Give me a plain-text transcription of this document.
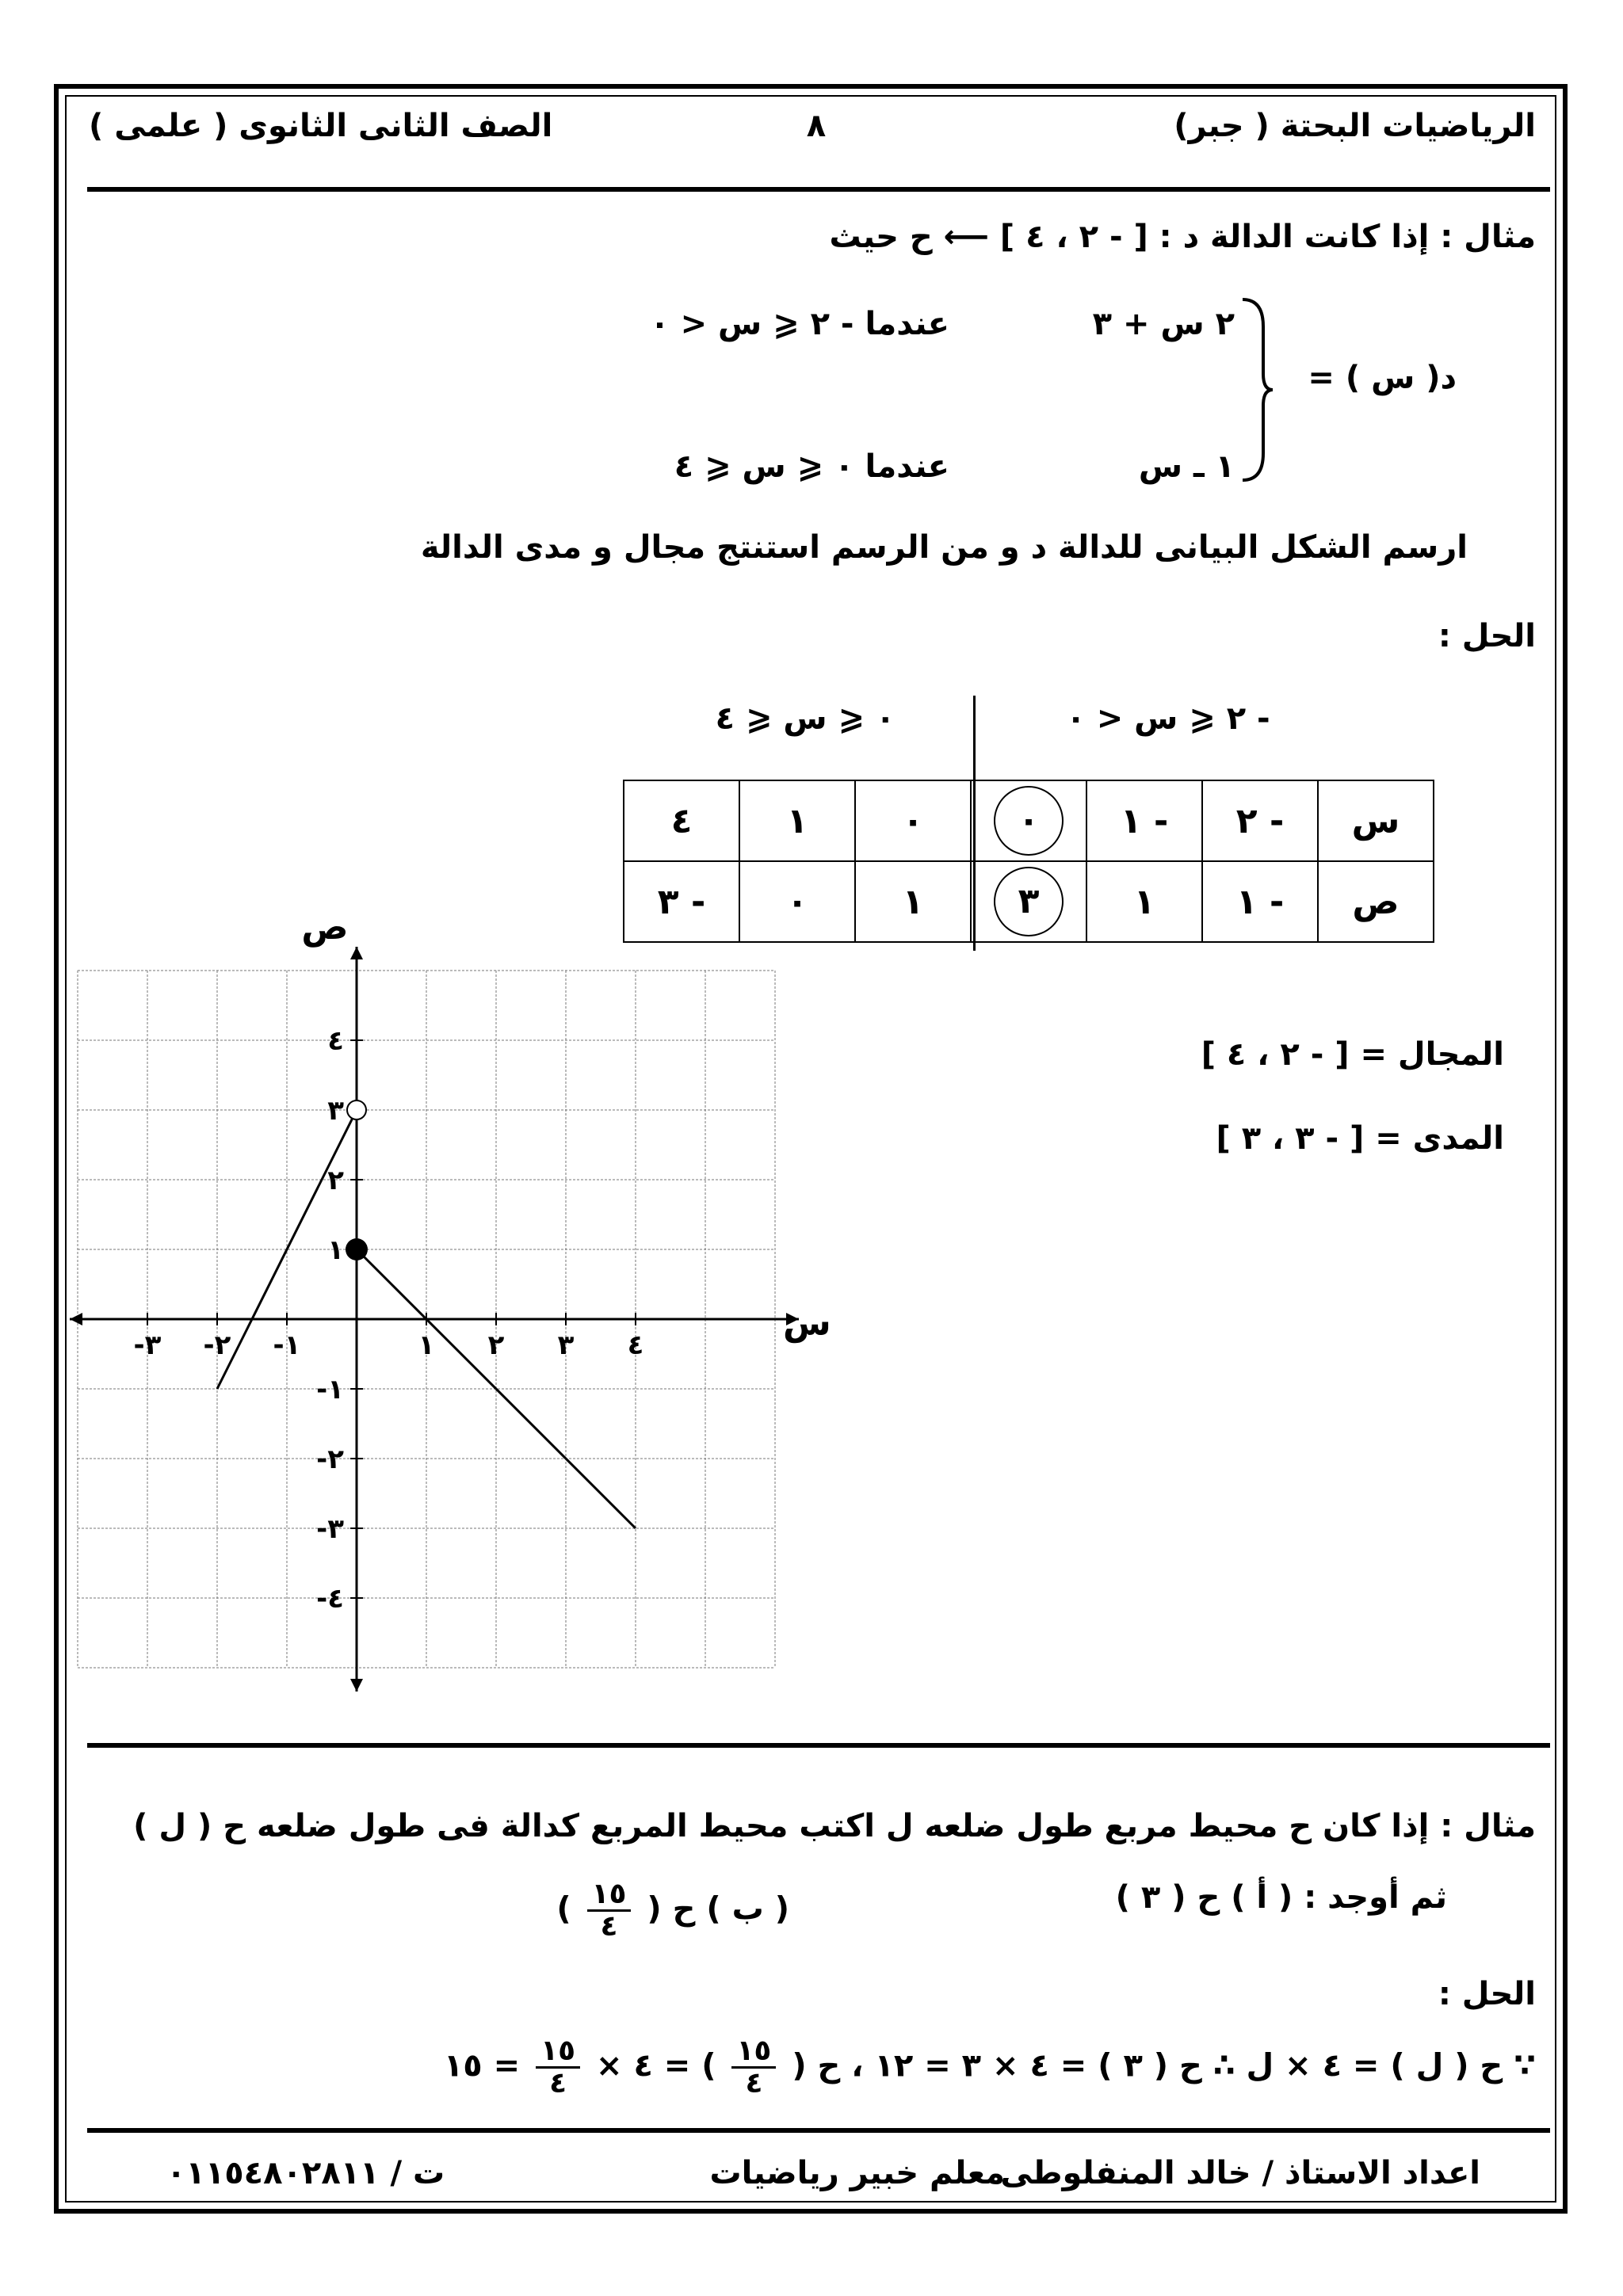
الرياضيات البحتة ( جبر)
٨
الصف الثانى الثانوى ( علمى )
مثال : إذا كانت الدالة د : [ - ٢ ، ٤ ] ⟵ ح حيث
د( س ) =
٢ س + ٣
عندما - ٢ ⩽ س < ٠
١ ـ س
عندما ٠ ⩽ س ⩽ ٤
ارسم الشكل البيانى للدالة د و من الرسم استنتج مجال و مدى الدالة
الحل :
- ٢ ⩽ س < ٠
٠ ⩽ س ⩽ ٤
س	- ٢	- ١	٠	٠	١	٤
ص	- ١	١	٣	١	٠	- ٣
١ ٢ ٣ ٤
-١
-٢
-٣
١
٢
٣
٤
-١
-٢
-٣
-٤
س
ص
المجال = [ - ٢ ، ٤ ]
المدى = [ - ٣ ، ٣ ]
مثال : إذا كان ح محيط مربع طول ضلعه ل اكتب محيط المربع كدالة فى طول ضلعه ح ( ل )
ثم أوجد : ( أ ) ح ( ٣ )
( ب ) ح (
$\frac{١٥}{٤}$
)
الحل :
∵ ح ( ل ) = ٤ × ل ∴ ح ( ٣ ) = ٤ × ٣ = ١٢ ، ح (
$\frac{١٥}{٤}$
) = ٤ ×
$\frac{١٥}{٤}$
= ١٥
اعداد الاستاذ / خالد المنفلوطى
معلم خبير رياضيات
ت / ٠١١٥٤٨٠٢٨١١
